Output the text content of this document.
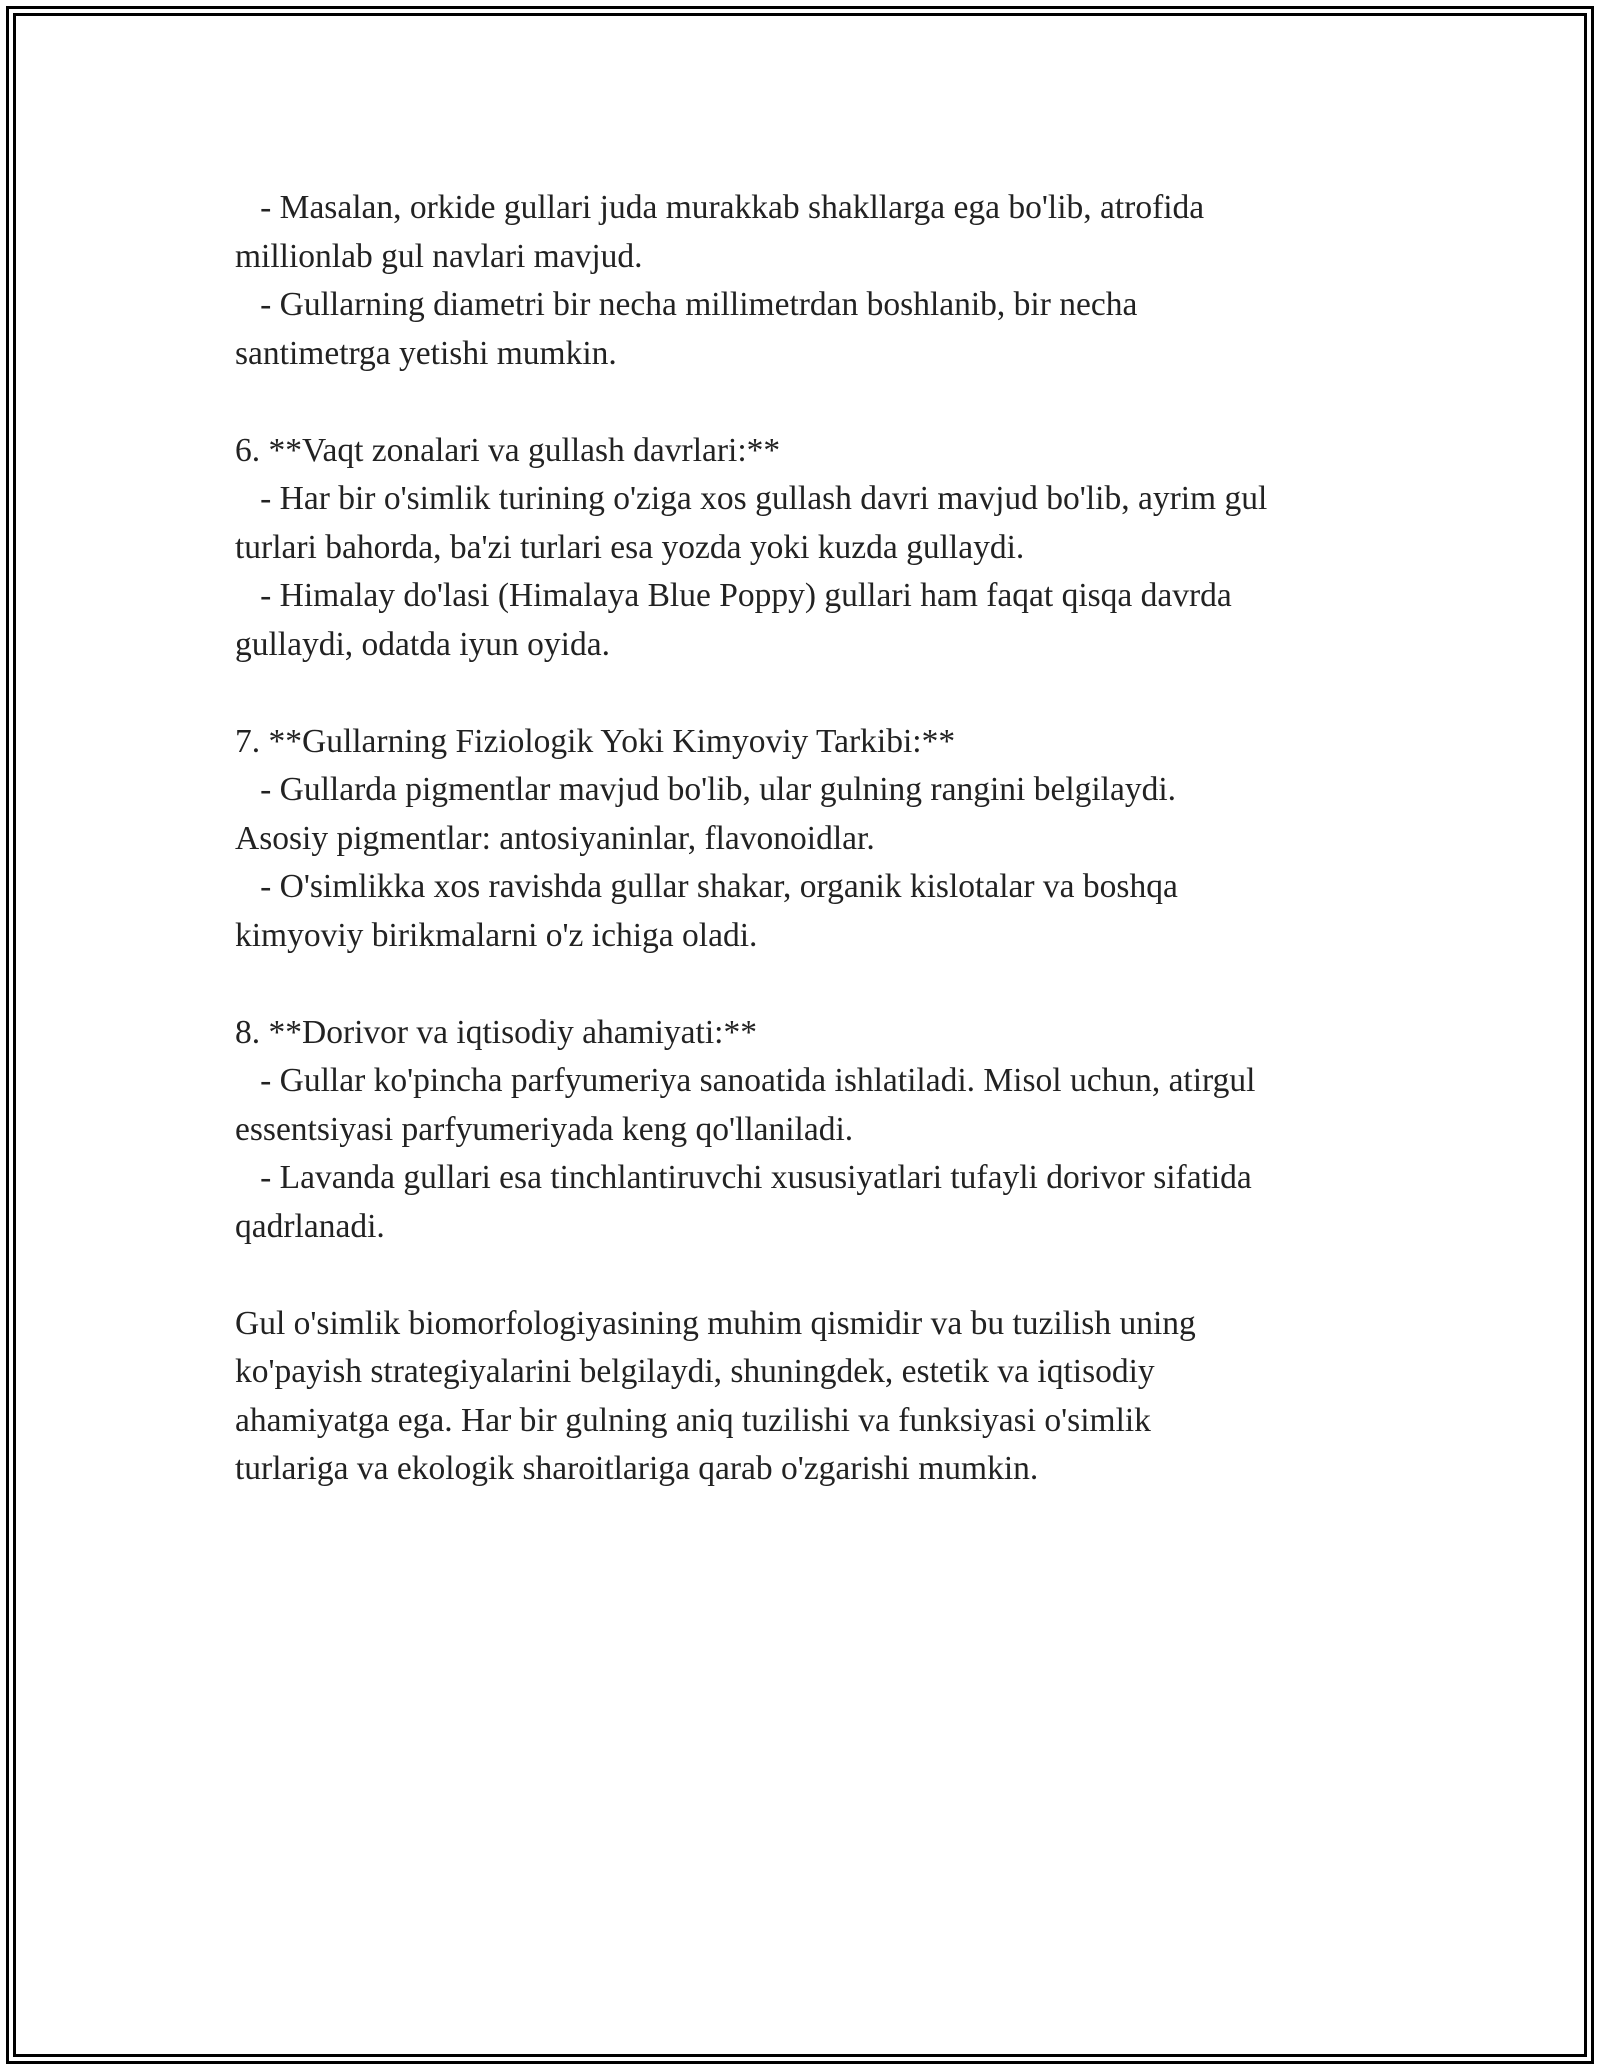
- Masalan, orkide gullari juda murakkab shakllarga ega bo'lib, atrofida
millionlab gul navlari mavjud.
- Gullarning diametri bir necha millimetrdan boshlanib, bir necha
santimetrga yetishi mumkin.
6. **Vaqt zonalari va gullash davrlari:**
- Har bir o'simlik turining o'ziga xos gullash davri mavjud bo'lib, ayrim gul
turlari bahorda, ba'zi turlari esa yozda yoki kuzda gullaydi.
- Himalay do'lasi (Himalaya Blue Poppy) gullari ham faqat qisqa davrda
gullaydi, odatda iyun oyida.
7. **Gullarning Fiziologik Yoki Kimyoviy Tarkibi:**
- Gullarda pigmentlar mavjud bo'lib, ular gulning rangini belgilaydi.
Asosiy pigmentlar: antosiyaninlar, flavonoidlar.
- O'simlikka xos ravishda gullar shakar, organik kislotalar va boshqa
kimyoviy birikmalarni o'z ichiga oladi.
8. **Dorivor va iqtisodiy ahamiyati:**
- Gullar ko'pincha parfyumeriya sanoatida ishlatiladi. Misol uchun, atirgul
essentsiyasi parfyumeriyada keng qo'llaniladi.
- Lavanda gullari esa tinchlantiruvchi xususiyatlari tufayli dorivor sifatida
qadrlanadi.
Gul o'simlik biomorfologiyasining muhim qismidir va bu tuzilish uning
ko'payish strategiyalarini belgilaydi, shuningdek, estetik va iqtisodiy
ahamiyatga ega. Har bir gulning aniq tuzilishi va funksiyasi o'simlik
turlariga va ekologik sharoitlariga qarab o'zgarishi mumkin.
